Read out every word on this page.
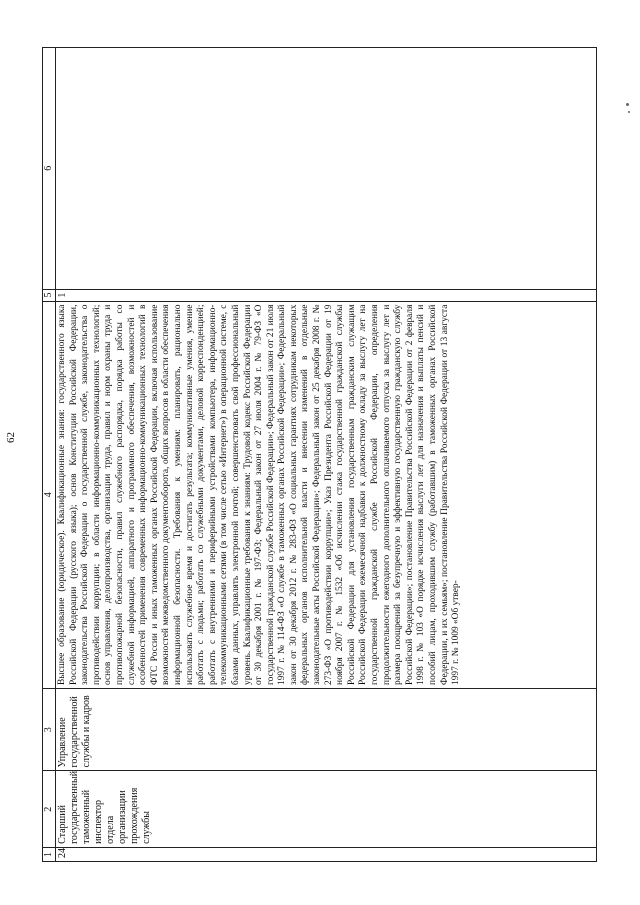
1	2	3	4	5	6
24	Старший государственный таможенный инспектор отдела организации прохождения службы	Управление государственной службы и кадров	Высшее образование (юридическое). Квалификационные знания: государственного языка Российской Федерации (русского языка); основ Конституции Российской Федерации, законодательства Российской Федерации о государственной службе, законодательства о противодействии коррупции; в области информационно-коммуникационных технологий; основ управления, делопроизводства, организации труда, правил и норм охраны труда и противопожарной безопасности, правил служебного распорядка, порядка работы со служебной информацией, аппаратного и программного обеспечения, возможностей и особенностей применения современных информационно-коммуникационных технологий в ФТС России и иных таможенных органах Российской Федерации, включая использование возможностей межведомственного документооборота, общих вопросов в области обеспечения информационной безопасности. Требования к умениям: планировать, рационально использовать служебное время и достигать результата; коммуникативные умения, умение работать с людьми; работать со служебными документами, деловой корреспонденцией; работать с внутренними и периферийными устройствами компьютера, информационно-телекоммуникационными сетями (в том числе сетью «Интернет») в операционной системе, с базами данных, управлять электронной почтой; совершенствовать свой профессиональный уровень. Квалификационные требования к знаниям: Трудовой кодекс Российской Федерации от 30 декабря 2001 г. № 197-ФЗ; Федеральный закон от 27 июля 2004 г. № 79-ФЗ «О государственной гражданской службе Российской Федерации»; Федеральный закон от 21 июля 1997 г. № 114-ФЗ «О службе в таможенных органах Российской Федерации»; Федеральный закон от 30 декабря 2012 г. № 283-ФЗ «О социальных гарантиях сотрудникам некоторых федеральных органов исполнительной власти и внесении изменений в отдельные законодательные акты Российской Федерации»; Федеральный закон от 25 декабря 2008 г. № 273-ФЗ «О противодействии коррупции»; Указ Президента Российской Федерации от 19 ноября 2007 г. № 1532 «Об исчислении стажа государственной гражданской службы Российской Федерации для установления государственным гражданским служащим Российской Федерации ежемесячной надбавки к должностному окладу за выслугу лет на государственной гражданской службе Российской Федерации, определения продолжительности ежегодного дополнительного оплачиваемого отпуска за выслугу лет и размера поощрений за безупречную и эффективную государственную гражданскую службу Российской Федерации»; постановление Правительства Российской Федерации от 2 февраля 1998 г. № 103 «О порядке исчисления выслуги лет для назначения и выплаты пенсий и пособий лицам, проходившим службу (работавшим) в таможенных органах Российской Федерации, и их семьям»; постановление Правительства Российской Федерации от 13 августа 1997 г. № 1009 «Об утвер-	1	
62
